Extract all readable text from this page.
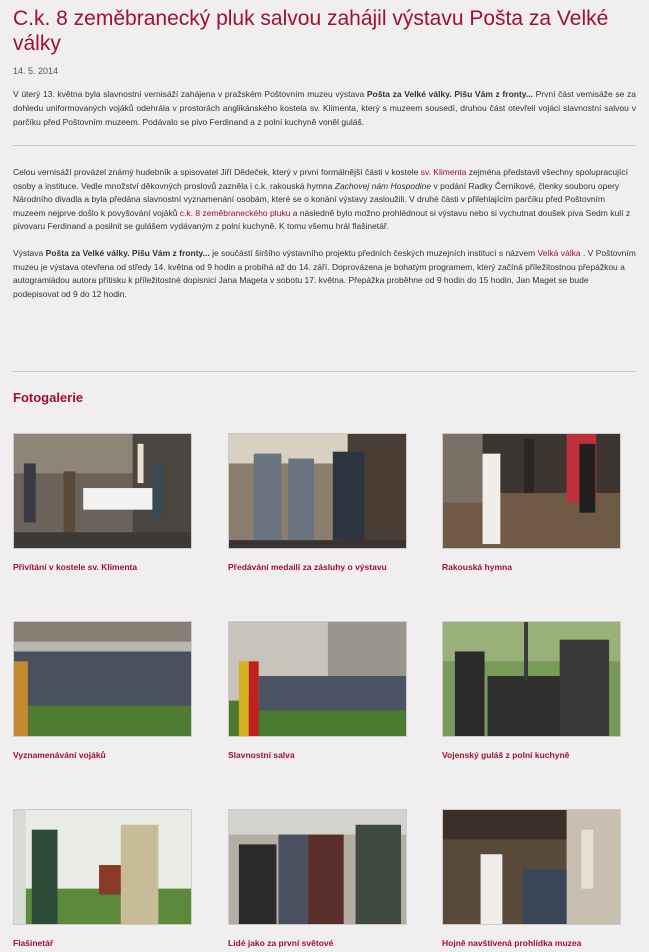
C.k. 8 zeměbranecký pluk salvou zahájil výstavu Pošta za Velké války
14. 5. 2014

V úterý 13. května byla slavnostní vernisáží zahájena v pražském Poštovním muzeu výstava Pošta za Velké války. Píšu Vám z fronty... První část vernisáže se za dohledu uniformovaných vojáků odehrála v prostorách anglikánského kostela sv. Klimenta, který s muzeem sousedí, druhou část otevřeli vojáci slavnostní salvou v parčíku před Poštovním muzeem. Podávalo se pivo Ferdinand a z polní kuchyně voněl guláš.

Celou vernisáží provázel známý hudebník a spisovatel Jiří Dědeček, který v první formálnější části v kostele sv. Klimenta zejména představil všechny spolupracující osoby a instituce. Vedle množství děkovných proslovů zazněla i c.k. rakouská hymna Zachovej nám Hospodine v podání Radky Černíkové, členky souboru opery Národního divadla a byla předána slavnostní vyznamenání osobám, které se o konání výstavy zasloužili. V druhé části v přilehlajícím parčíku před Poštovním muzeem nejprve došlo k povyšování vojáků c.k. 8 zeměbraneckého pluku a následně bylo možno prohlédnout si výstavu nebo si vychutnat doušek piva Sedm kulí z pivovaru Ferdinand a posilnit se gulášem vydávaným z polní kuchyně. K tomu všemu hrál flašinetář.

Výstava Pošta za Velké války. Píšu Vám z fronty... je součástí širšího výstavního projektu předních českých muzejních institucí s názvem Velká válka . V Poštovním muzeu je výstava otevřena od středy 14. května od 9 hodin a probíhá až do 14. září. Doprovázena je bohatým programem, který začíná příležitostnou přepážkou a autogramiádou autora přítisku k příležitostné dopisnici Jana Mageta v sobotu 17. května. Přepážka proběhne od 9 hodin do 15 hodin, Jan Maget se bude podepisovat od 9 do 12 hodin.

Fotogalerie
Přivítání v kostele sv. Klimenta	Předávání medailí za zásluhy o výstavu	Rakouská hymna
Vyznamenávání vojáků	Slavnostní salva	Vojenský guláš z polní kuchyně
Flašinetář	Lidé jako za první světové	Hojně navštívená prohlídka muzea
